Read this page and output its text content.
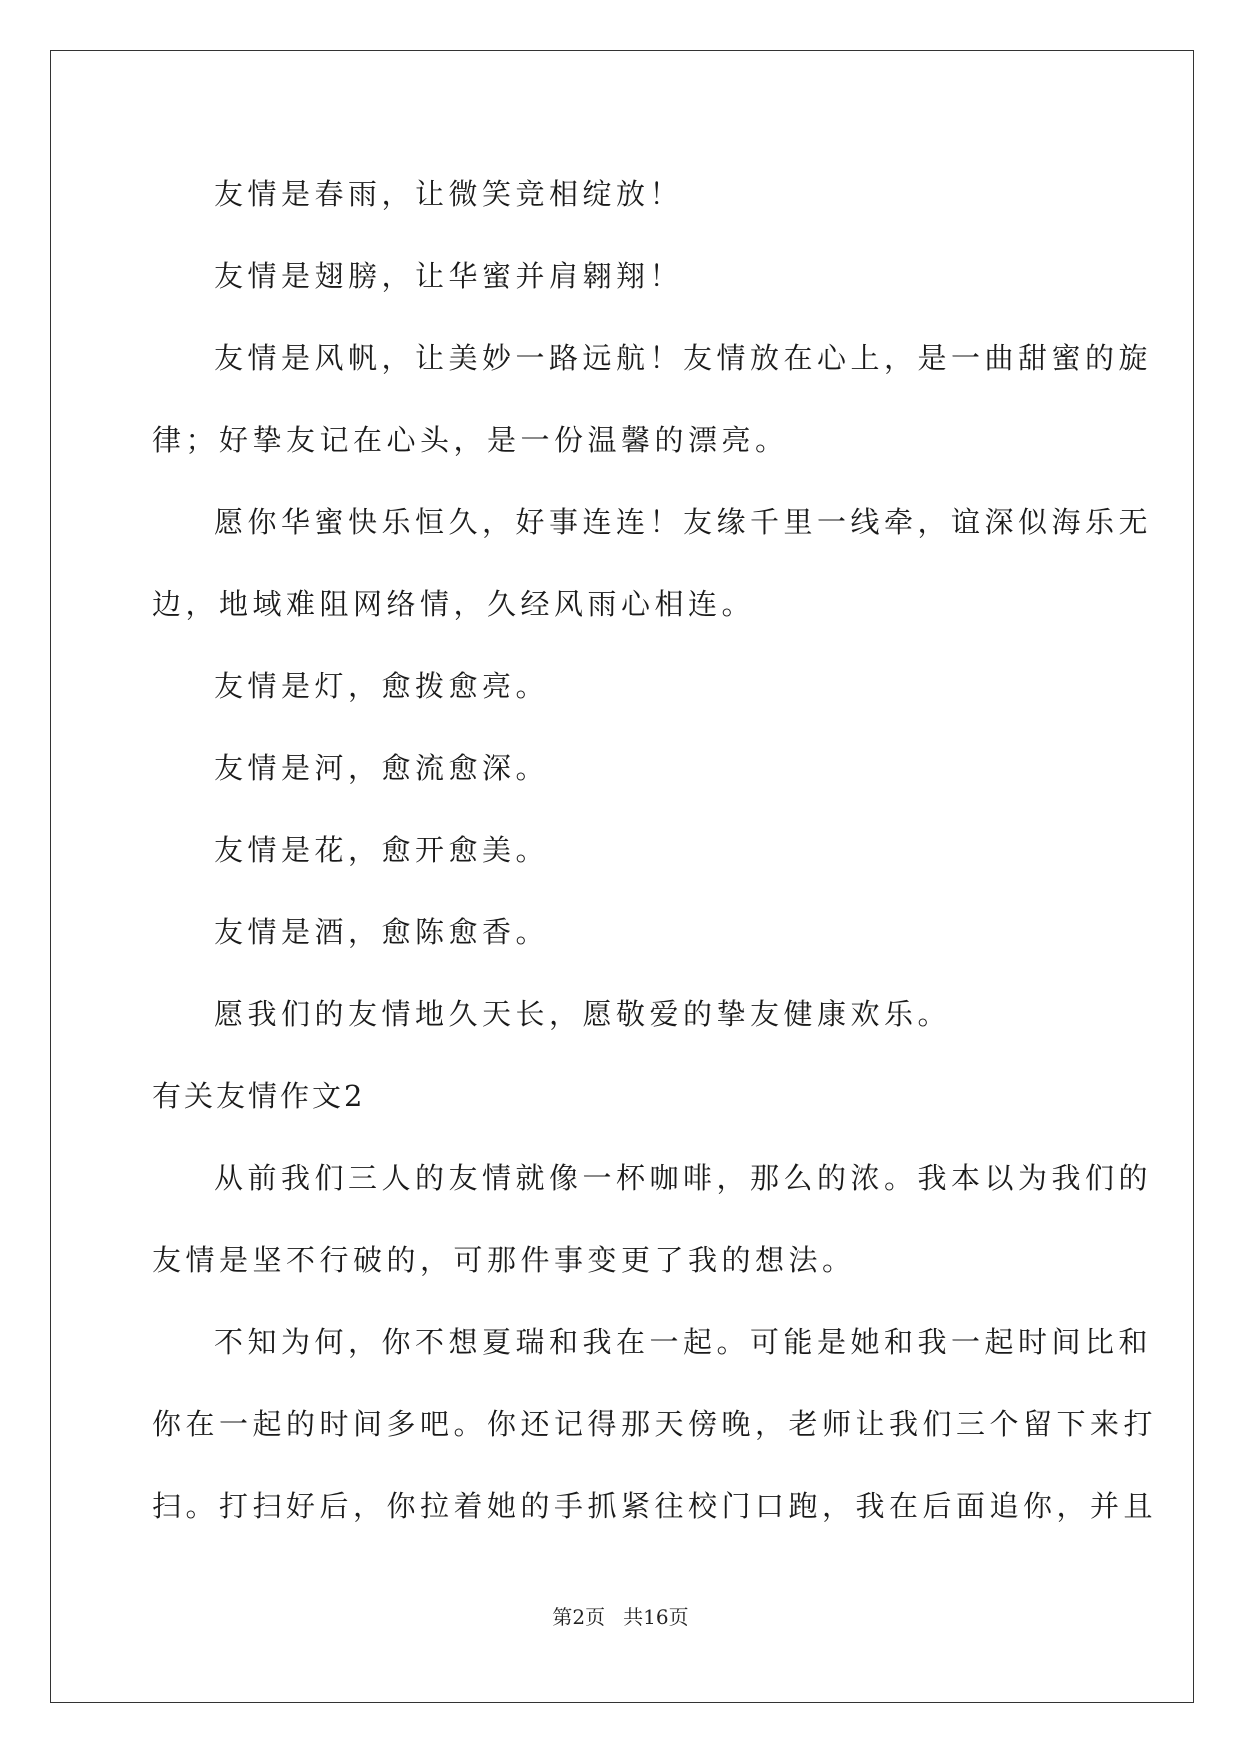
友情是春雨，让微笑竞相绽放！
友情是翅膀，让华蜜并肩翱翔！
友情是风帆，让美妙一路远航！友情放在心上，是一曲甜蜜的旋
律；好挚友记在心头，是一份温馨的漂亮。
愿你华蜜快乐恒久，好事连连！友缘千里一线牵，谊深似海乐无
边，地域难阻网络情，久经风雨心相连。
友情是灯，愈拨愈亮。
友情是河，愈流愈深。
友情是花，愈开愈美。
友情是酒，愈陈愈香。
愿我们的友情地久天长，愿敬爱的挚友健康欢乐。
有关友情作文2
从前我们三人的友情就像一杯咖啡，那么的浓。我本以为我们的
友情是坚不行破的，可那件事变更了我的想法。
不知为何，你不想夏瑞和我在一起。可能是她和我一起时间比和
你在一起的时间多吧。你还记得那天傍晚，老师让我们三个留下来打
扫。打扫好后，你拉着她的手抓紧往校门口跑，我在后面追你，并且
第2页 共16页
